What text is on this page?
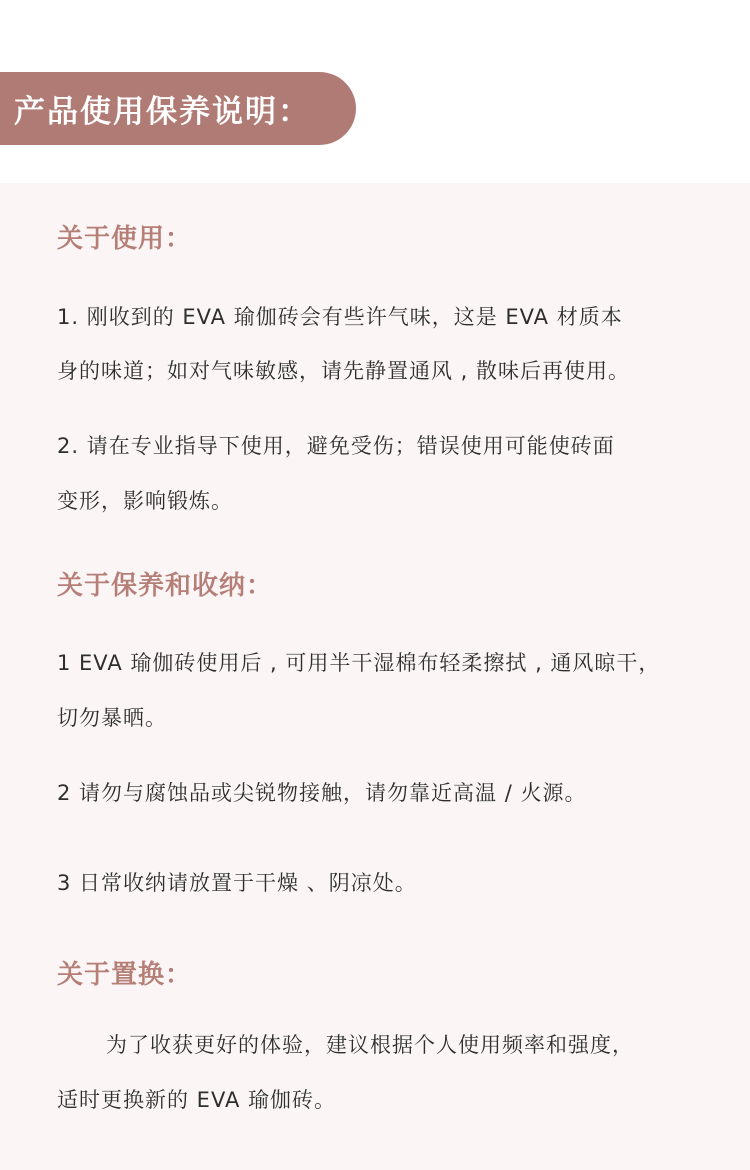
产品使用保养说明：
关于使用：
1. 刚收到的 EVA 瑜伽砖会有些许气味，这是 EVA 材质本
身的味道；如对气味敏感，请先静置通风 , 散味后再使用。
2. 请在专业指导下使用，避免受伤；错误使用可能使砖面
变形，影响锻炼。
关于保养和收纳：
1 EVA 瑜伽砖使用后 , 可用半干湿棉布轻柔擦拭 , 通风晾干，
切勿暴晒。
2 请勿与腐蚀品或尖锐物接触，请勿靠近高温 / 火源。
3 日常收纳请放置于干燥 、阴凉处。
关于置换：
为了收获更好的体验，建议根据个人使用频率和强度，
适时更换新的 EVA 瑜伽砖。
